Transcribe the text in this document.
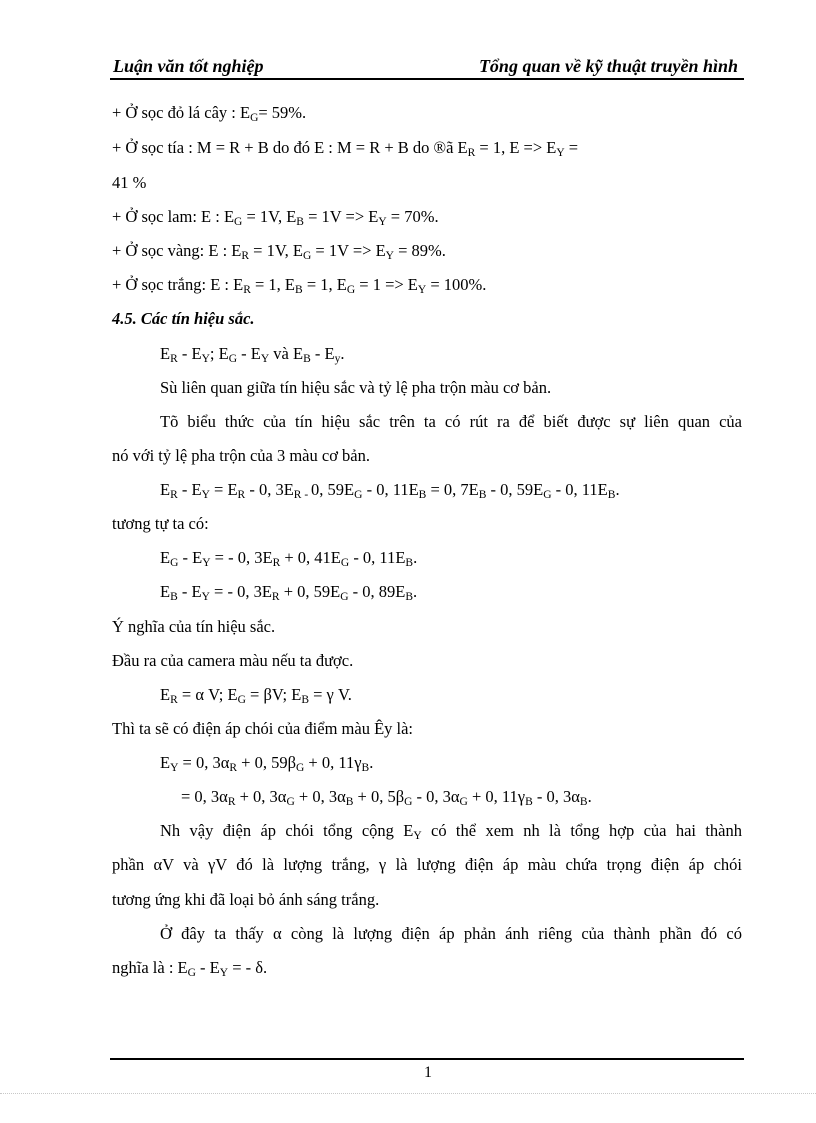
Luận văn tốt nghiệp	Tổng quan về kỹ thuật truyền hình
+ Ở sọc đỏ lá cây : $E_G= 59\%$.
+ Ở sọc tía : M = R + B do đó E : M = R + B do ®ã $E_R = 1$, $E => E_Y$ =
41 %
+ Ở sọc lam: E : $E_G = 1V$, $E_B = 1V => E_Y = 70\%$.
+ Ở sọc vàng: E : $E_R = 1V$, $E_G = 1V => E_Y = 89\%$.
+ Ở sọc trắng: E : $E_R = 1$, $E_B = 1$, $E_G = 1 => E_Y = 100\%$.
4.5. Các tín hiệu sắc.
$E_R - E_Y$; $E_G - E_Y$ và $E_B - E_y$.
Sù liên quan giữa tín hiệu sắc và tỷ lệ pha trộn màu cơ bản.
Tõ biểu thức của tín hiệu sắc trên ta có rút ra để biết được sự liên quan của
nó với tỷ lệ pha trộn của 3 màu cơ bản.
$E_R - E_Y = E_R - 0$, $3E_{R -}$ 0, $59E_G - 0$, $11E_B = 0$, $7E_B - 0$, $59E_G - 0$, $11E_B$.
tương tự ta có:
$E_G - E_Y$ = - 0, $3E_R + 0$, $41E_G - 0$, $11E_B$.
$E_B - E_Y$ = - 0, $3E_R + 0$, $59E_G - 0$, $89E_B$.
Ý nghĩa của tín hiệu sắc.
Đầu ra của camera màu nếu ta được.
$E_R = \alpha$ V; $E_G = \beta V$; $E_B = \gamma$ V.
Thì ta sẽ có điện áp chói của điểm màu Êy là:
$E_Y = 0$, $3\alpha_R + 0$, $59\beta_G + 0$, $11\gamma_B$.
= 0, $3\alpha_R + 0$, $3\alpha_G + 0$, $3\alpha_B + 0$, $5\beta_G - 0$, $3\alpha_G + 0$, $11\gamma_B - 0$, $3\alpha_B$.
Nh vậy điện áp chói tổng cộng $E_Y$ có thể xem nh là tổng hợp của hai thành
phần αV và γV đó là lượng trắng, γ là lượng điện áp màu chứa trọng điện áp chói
tương ứng khi đã loại bỏ ánh sáng trắng.
Ở đây ta thấy α còng là lượng điện áp phản ánh riêng của thành phần đó có
nghĩa là : $E_G - E_Y$ = - δ.
1
